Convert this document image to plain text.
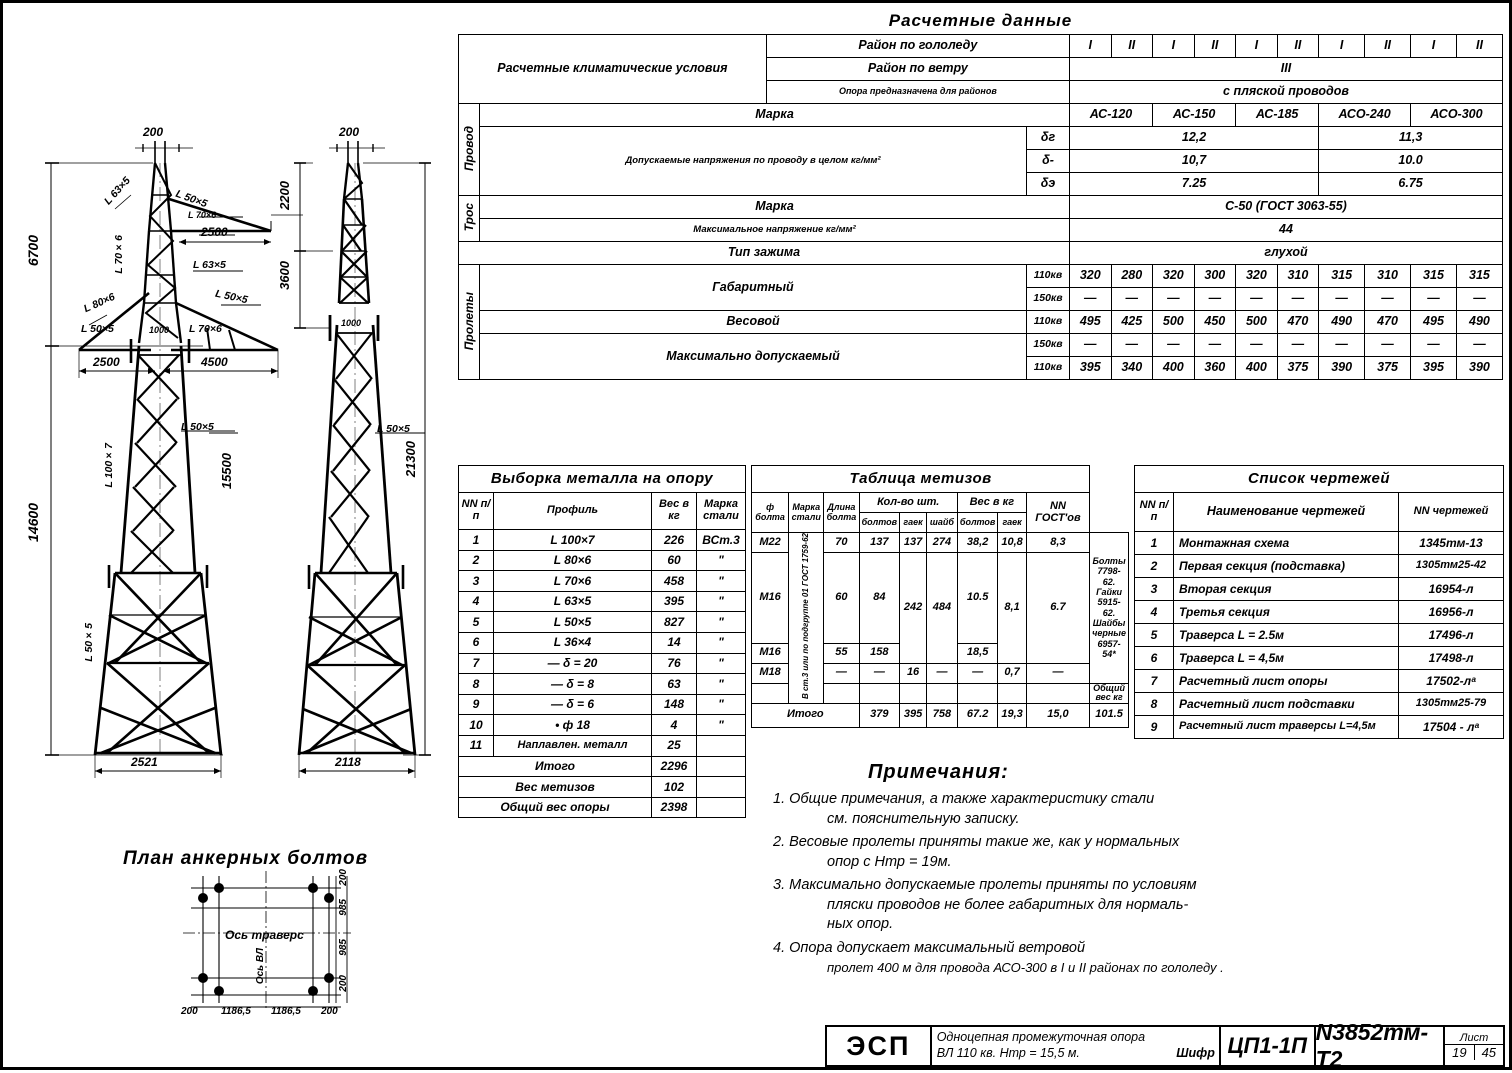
200
6700
14600
2521
2500
2500	4500
1000
L 63×5	L 50×5
L 70×6
L 63×5
L 50×5
L 70×6
L 80×6
L 50×5	L 70×6
L 100×7
L 50×5
L 50×5
200
2200
3600
21300
15500
2118
1000
L 50×5
План анкерных болтов
Ось траверс
Ось ВЛ
200 1186,5 1186,5 200
200
985
985
200
Расчетные данные
Расчетные климатические условия		Район по гололеду		I	II	I	II	I	II	I	II	I	II
		Район по ветру		III									
		Опора предназначена для районов		с пляской проводов									
Провод	Марка			АС-120		АС-150		АС-185		АСО-240		АСО-300	
	Допускаемые напряжения по проводу в целом кг/мм²		δг	12,2						11,3			
			δ-	10,7						10.0			
			δэ	7.25						6.75			
Трос	Марка			С-50 (ГОСТ 3063-55)									
	Максимальное напряжение кг/мм²			44									
Тип зажима				глухой									
Пролеты	Габаритный		110кв	320	280	320	300	320	310	315	310	315	315
			150кв	—	—	—	—	—	—	—	—	—	—
	Весовой		110кв	495	425	500	450	500	470	490	470	495	490
	Максимально допускаемый		150кв	—	—	—	—	—	—	—	—	—	—
			110кв	395	340	400	360	400	375	390	375	395	390
Выборка металла на опору			
NN п/п	Профиль	Вес в кг	Марка стали
1	L 100×7	226	ВСт.3
2	L 80×6	60	"
3	L 70×6	458	"
4	L 63×5	395	"
5	L 50×5	827	"
6	L 36×4	14	"
7	— δ = 20	76	"
8	— δ = 8	63	"
9	— δ = 6	148	"
10	• ф 18	4	"
11	Наплавлен. металл	25	
Итого		2296	
Вес метизов		102	
Общий вес опоры		2398	
Таблица метизов									
ф болта	Марка стали	Длина болта	Кол-во шт.			Вес в кг		NN ГОСТ'ов	
			болтов	гаек	шайб	болтов	гаек		
М22	В ст.3 или по подгруппе 01 ГОСТ 1759-62	70	137	137	274	38,2	10,8	8,3	Болты 7798-62. Гайки 5915-62. Шайбы черные 6957-54*
М16		60	84	242	484	10.5	8,1	6.7	
М16		55	158			18,5			
М18		—	—	16	—	—	0,7	—	
									Общий вес кг
Итого			379	395	758	67.2	19,3	15,0	101.5
Список чертежей		
NN п/п	Наименование чертежей	NN чертежей
1	Монтажная схема	1345тм-13
2	Первая секция (подставка)	1305тм25-42
3	Вторая секция	16954-л
4	Третья секция	16956-л
5	Траверса L = 2.5м	17496-л
6	Траверса L = 4,5м	17498-л
7	Расчетный лист опоры	17502-лᵃ
8	Расчетный лист подставки	1305тм25-79
9	Расчетный лист траверсы L=4,5м	17504 - лᵃ
Примечания:
1. Общие примечания, а также характеристику стали
см. пояснительную записку.
2. Весовые пролеты приняты такие же, как у нормальных
опор с Нтр = 19м.
3. Максимально допускаемые пролеты приняты по условиям
пляски проводов не более габаритных для нормаль-
ных опор.
4. Опора допускает максимальный ветровой
пролет 400 м для провода АСО-300 в I и II районах по гололеду .
ЭСП	Одноцепная промежуточная опора
ВЛ 110 кв. Нтр = 15,5 м.	Шифр ЦП1-1П
N3852тм-Т2
Лист
19	45
